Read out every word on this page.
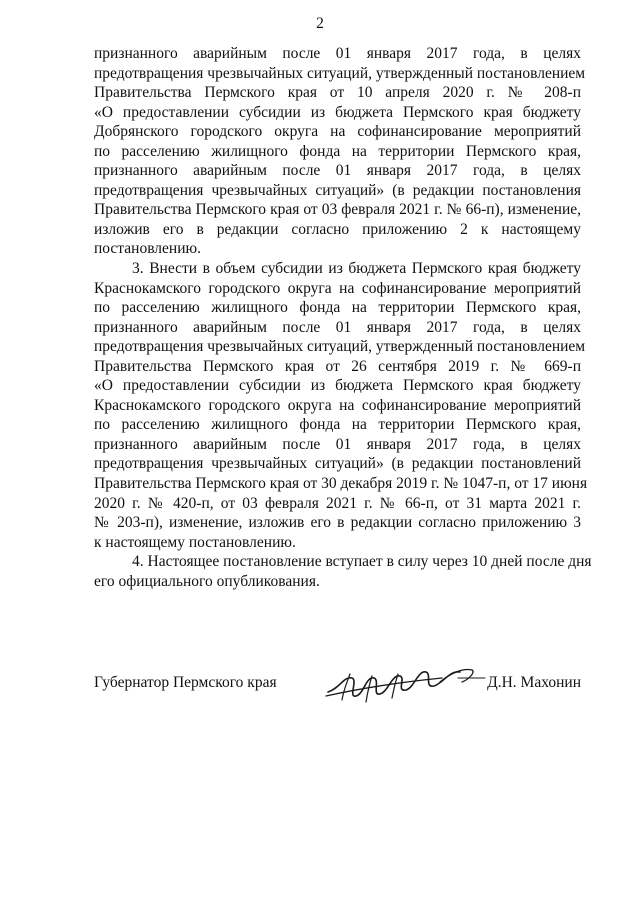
2
признанного аварийным после 01 января 2017 года, в целях
предотвращения чрезвычайных ситуаций, утвержденный постановлением
Правительства Пермского края от 10 апреля 2020 г. № 208-п
«О предоставлении субсидии из бюджета Пермского края бюджету
Добрянского городского округа на софинансирование мероприятий
по расселению жилищного фонда на территории Пермского края,
признанного аварийным после 01 января 2017 года, в целях
предотвращения чрезвычайных ситуаций» (в редакции постановления
Правительства Пермского края от 03 февраля 2021 г. № 66-п), изменение,
изложив его в редакции согласно приложению 2 к настоящему
постановлению.
3. Внести в объем субсидии из бюджета Пермского края бюджету
Краснокамского городского округа на софинансирование мероприятий
по расселению жилищного фонда на территории Пермского края,
признанного аварийным после 01 января 2017 года, в целях
предотвращения чрезвычайных ситуаций, утвержденный постановлением
Правительства Пермского края от 26 сентября 2019 г. № 669-п
«О предоставлении субсидии из бюджета Пермского края бюджету
Краснокамского городского округа на софинансирование мероприятий
по расселению жилищного фонда на территории Пермского края,
признанного аварийным после 01 января 2017 года, в целях
предотвращения чрезвычайных ситуаций» (в редакции постановлений
Правительства Пермского края от 30 декабря 2019 г. № 1047-п, от 17 июня
2020 г. № 420-п, от 03 февраля 2021 г. № 66-п, от 31 марта 2021 г.
№ 203-п), изменение, изложив его в редакции согласно приложению 3
к настоящему постановлению.
4. Настоящее постановление вступает в силу через 10 дней после дня
его официального опубликования.
Губернатор Пермского края	Д.Н. Махонин
